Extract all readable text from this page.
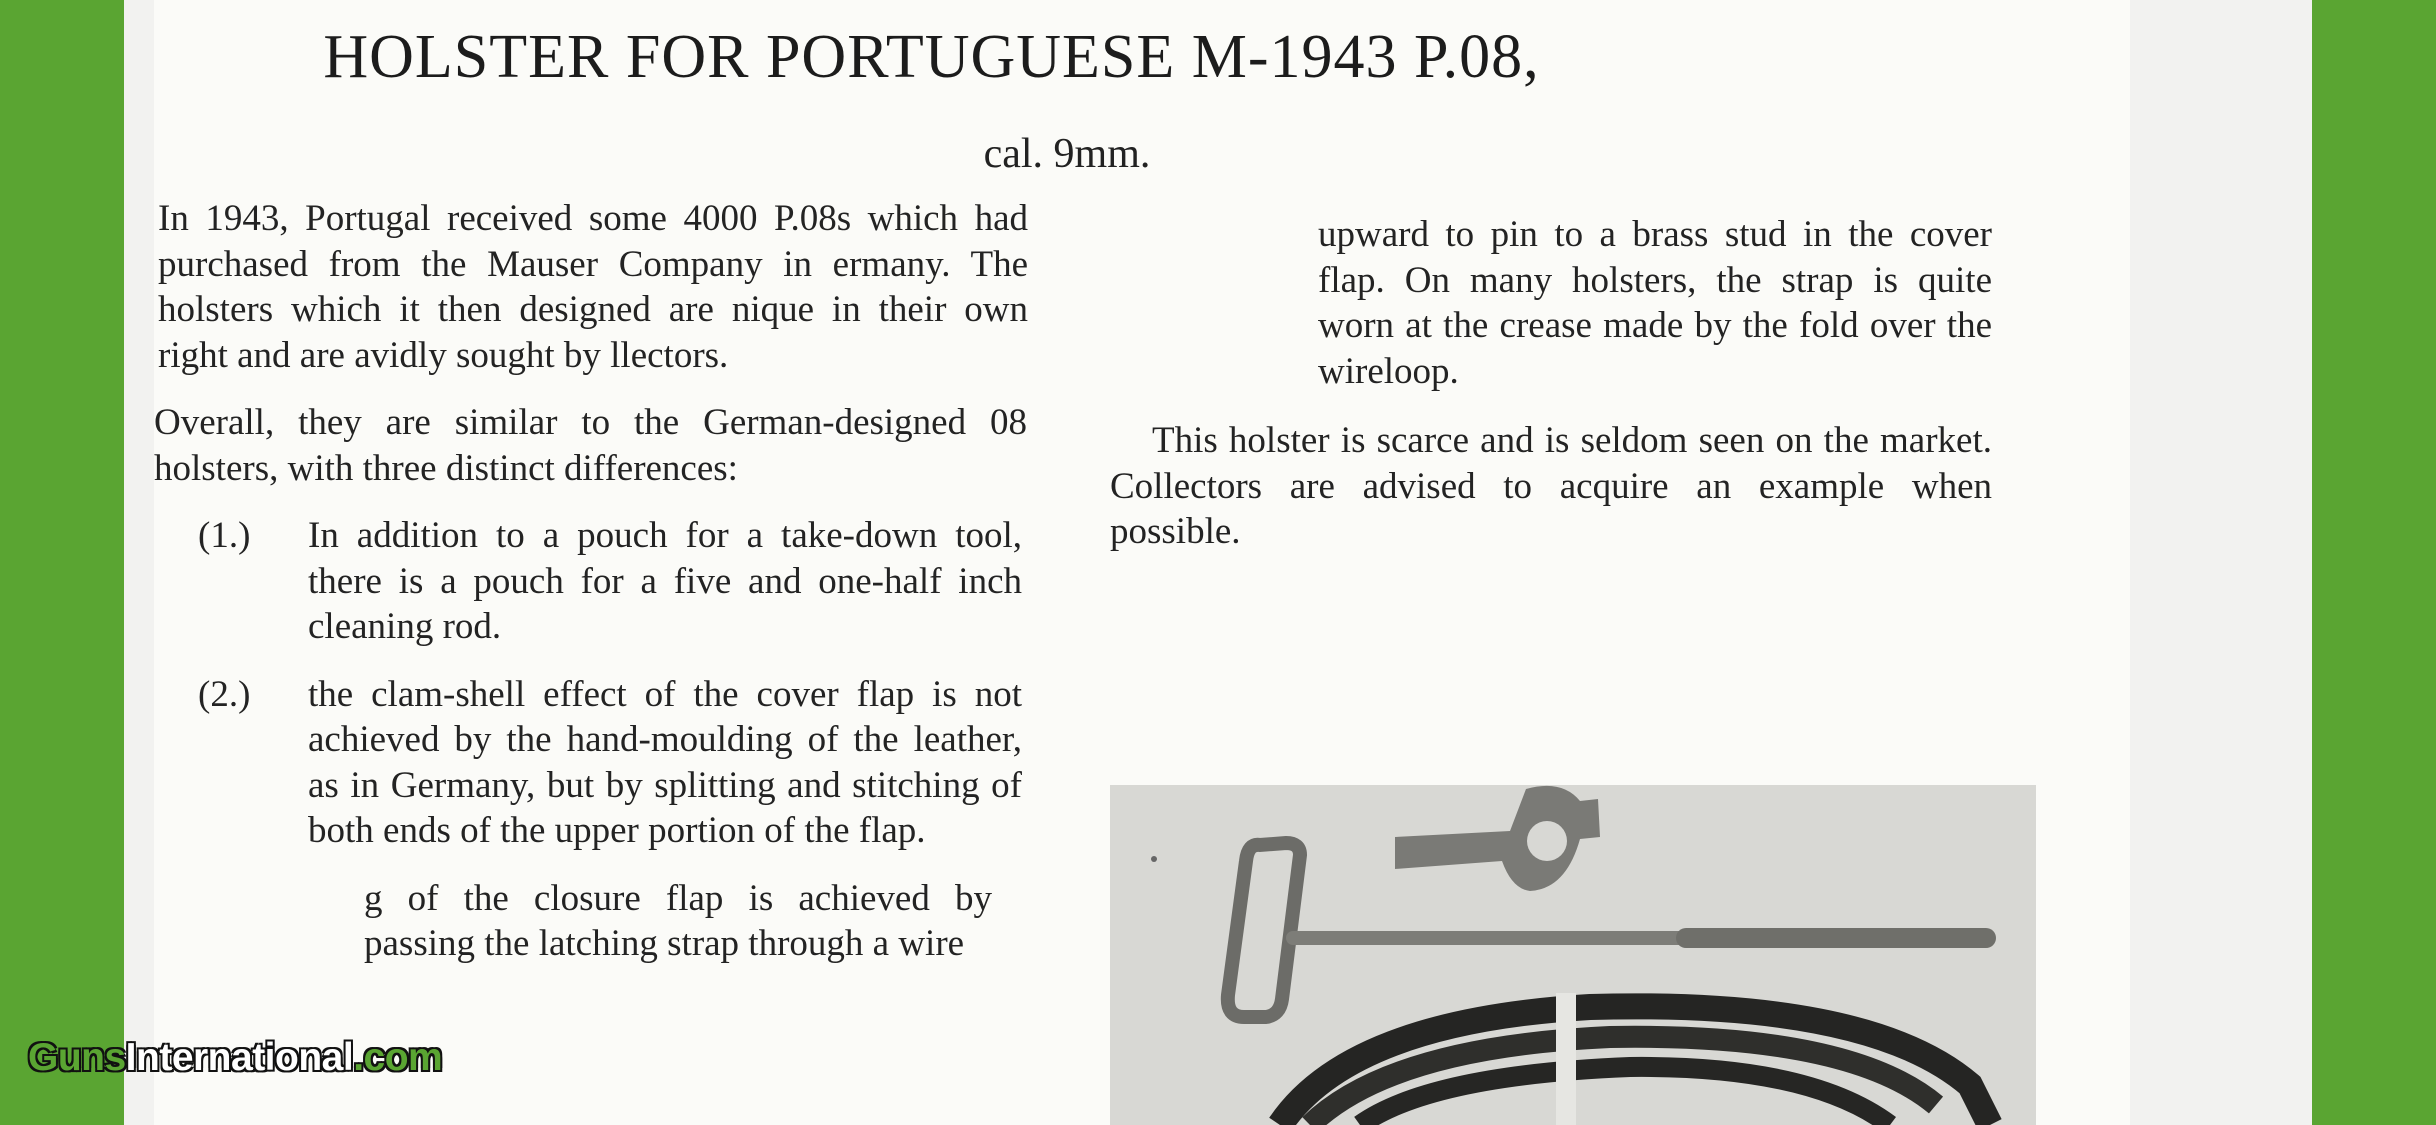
HOLSTER FOR PORTUGUESE M-1943 P.08,
cal. 9mm.

In 1943, Portugal received some 4000 P.08s which had purchased from the Mauser Company in ermany. The holsters which it then designed are nique in their own right and are avidly sought by llectors.

Overall, they are similar to the German-designed 08 holsters, with three distinct differences:

(1.)	In addition to a pouch for a take-down tool, there is a pouch for a five and one-half inch cleaning rod.
(2.)	the clam-shell effect of the cover flap is not achieved by the hand-moulding of the leather, as in Germany, but by splitting and stitching of both ends of the upper portion of the flap.

g of the closure flap is achieved by passing the latching strap through a wire

upward to pin to a brass stud in the cover flap. On many holsters, the strap is quite worn at the crease made by the fold over the wireloop.

This holster is scarce and is seldom seen on the market. Collectors are advised to acquire an example when possible.

GunsInternational.com
